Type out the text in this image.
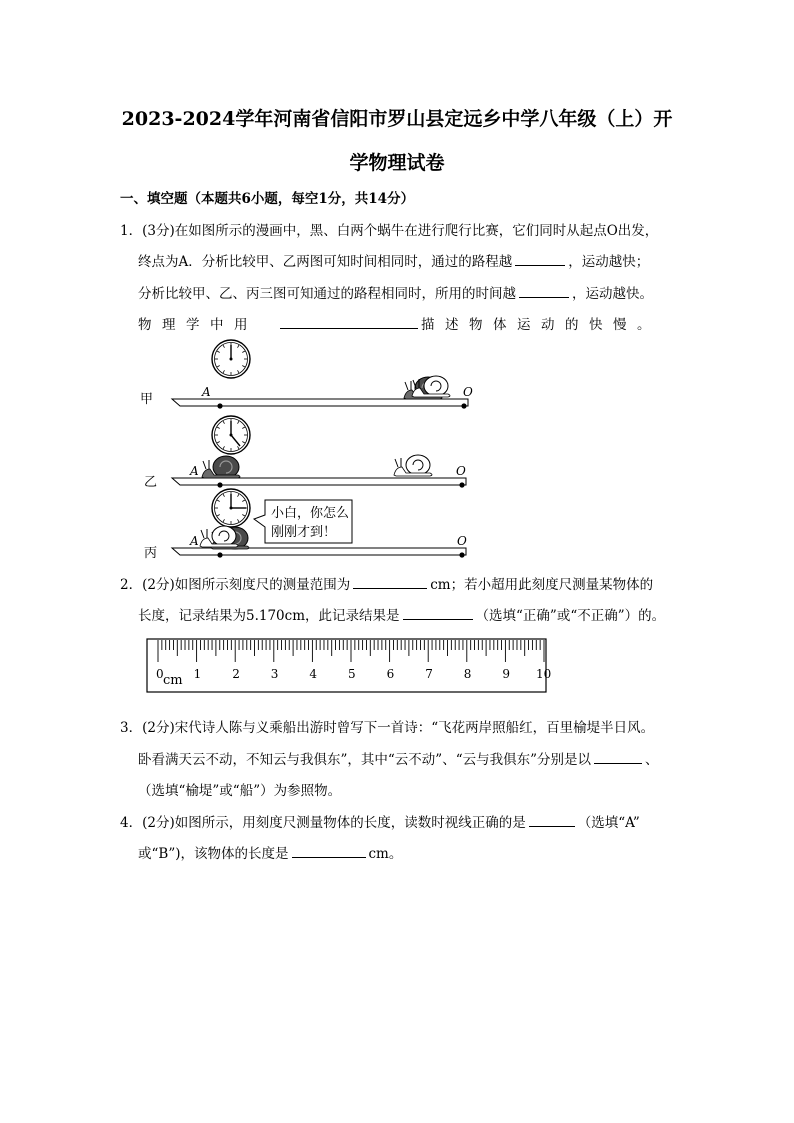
2023-2024学年河南省信阳市罗山县定远乡中学八年级（上）开
学物理试卷
一、填空题（本题共6小题，每空1分，共14分）
1．(3分)在如图所示的漫画中，黑、白两个蜗牛在进行爬行比赛，它们同时从起点O出发，
终点为A．分析比较甲、乙两图可知时间相同时，通过的路程越	，运动越快；
分析比较甲、乙、丙三图可知通过的路程相同时，所用的时间越	，运动越快。
物理学中用	描述物体运动的快慢。
甲	A	O
乙
A	O
丙
A	O
小白，你怎么
刚刚才到！
2．(2分)如图所示刻度尺的测量范围为	cm；若小超用此刻度尺测量某物体的
长度，记录结果为5.170cm，此记录结果是	（选填“正确”或“不正确”）的。
0 1	2	3	4	5	6	7	8	9 10
cm
3．(2分)宋代诗人陈与义乘船出游时曾写下一首诗：“飞花两岸照船红，百里榆堤半日风。
卧看满天云不动，不知云与我俱东”，其中“云不动”、“云与我俱东”分别是以	、
（选填“榆堤”或“船”）为参照物。
4．(2分)如图所示，用刻度尺测量物体的长度，读数时视线正确的是	（选填“A”
或“B”)，该物体的长度是	cm。
